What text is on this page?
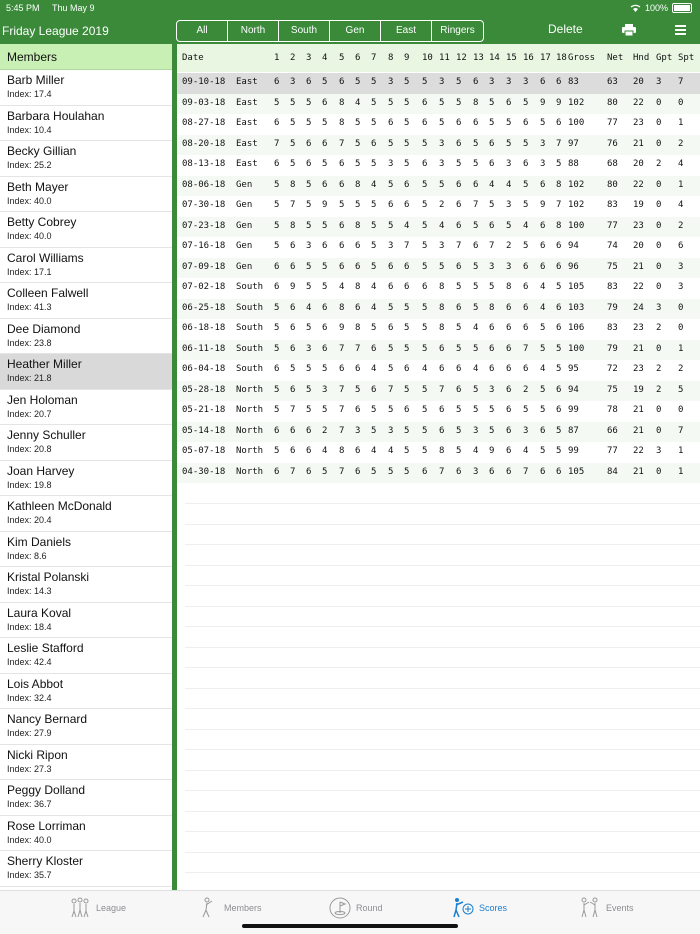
5:45 PM Thu May 9	100%
Friday League 2019	All	North	South	Gen	East	Ringers	Delete
Members
Barb Miller
Index: 17.4
Barbara Houlahan
Index: 10.4
Becky Gillian
Index: 25.2
Beth Mayer
Index: 40.0
Betty Cobrey
Index: 40.0
Carol Williams
Index: 17.1
Colleen Falwell
Index: 41.3
Dee Diamond
Index: 23.8
Heather Miller
Index: 21.8
Jen Holoman
Index: 20.7
Jenny Schuller
Index: 20.8
Joan Harvey
Index: 19.8
Kathleen McDonald
Index: 20.4
Kim Daniels
Index: 8.6
Kristal Polanski
Index: 14.3
Laura Koval
Index: 18.4
Leslie Stafford
Index: 42.4
Lois Abbot
Index: 32.4
Nancy Bernard
Index: 27.9
Nicki Ripon
Index: 27.3
Peggy Dolland
Index: 36.7
Rose Lorriman
Index: 40.0
Sherry Kloster
Index: 35.7
Date	1 2 3 4 5 6 7 8 9 10 11 12 13 14 15 16 17 18 Gross Net Hnd Gpt Spt
09-10-18 East 6 3 6 5 6 5 5 3 5 5 3 5 6 3 3 3 6 6 83	63 20 3 7
09-03-18 East 5 5 5 6 8 4 5 5 5 6 5 5 8 5 6 5 9 9 102	80 22 0 0
08-27-18 East 6 5 5 5 8 5 5 6 5 6 5 6 6 5 5 6 5 6 100	77 23 0 1
08-20-18 East 7 5 6 6 7 5 6 5 5 5 3 6 5 6 5 5 3 7 97	76 21 0 2
08-13-18 East 6 5 6 5 6 5 5 3 5 6 3 5 5 6 3 6 3 5 88	68 20 2 4
08-06-18 Gen 5 8 5 6 6 8 4 5 6 5 5 6 6 4 4 5 6 8 102	80 22 0 1
07-30-18 Gen 5 7 5 9 5 5 5 6 6 5 2 6 7 5 3 5 9 7 102	83 19 0 4
07-23-18 Gen 5 8 5 5 6 8 5 5 4 5 4 6 5 6 5 4 6 8 100	77 23 0 2
07-16-18 Gen 5 6 3 6 6 6 5 3 7 5 3 7 6 7 2 5 6 6 94	74 20 0 6
07-09-18 Gen 6 6 5 5 6 6 5 6 6 5 5 6 5 3 3 6 6 6 96	75 21 0 3
07-02-18 South 6 9 5 5 4 8 4 6 6 6 8 5 5 5 8 6 4 5 105	83 22 0 3
06-25-18 South 5 6 4 6 8 6 4 5 5 5 8 6 5 8 6 6 4 6 103	79 24 3 0
06-18-18 South 5 6 5 6 9 8 5 6 5 5 8 5 4 6 6 6 5 6 106	83 23 2 0
06-11-18 South 5 6 3 6 7 7 6 5 5 5 6 5 5 6 6 7 5 5 100	79 21 0 1
06-04-18 South 6 5 5 5 6 6 4 5 6 4 6 6 4 6 6 6 4 5 95	72 23 2 2
05-28-18 North 5 6 5 3 7 5 6 7 5 5 7 6 5 3 6 2 5 6 94	75 19 2 5
05-21-18 North 5 7 5 5 7 6 5 5 6 5 6 5 5 5 6 5 5 6 99	78 21 0 0
05-14-18 North 6 6 6 2 7 3 5 3 5 5 6 5 3 5 6 3 6 5 87	66 21 0 7
05-07-18 North 5 6 6 4 8 6 4 4 5 5 8 5 4 9 6 4 5 5 99	77 22 3 1
04-30-18 North 6 7 6 5 7 6 5 5 5 6 7 6 3 6 6 7 6 6 105	84 21 0 1
League	Members	Round	Scores	Events
